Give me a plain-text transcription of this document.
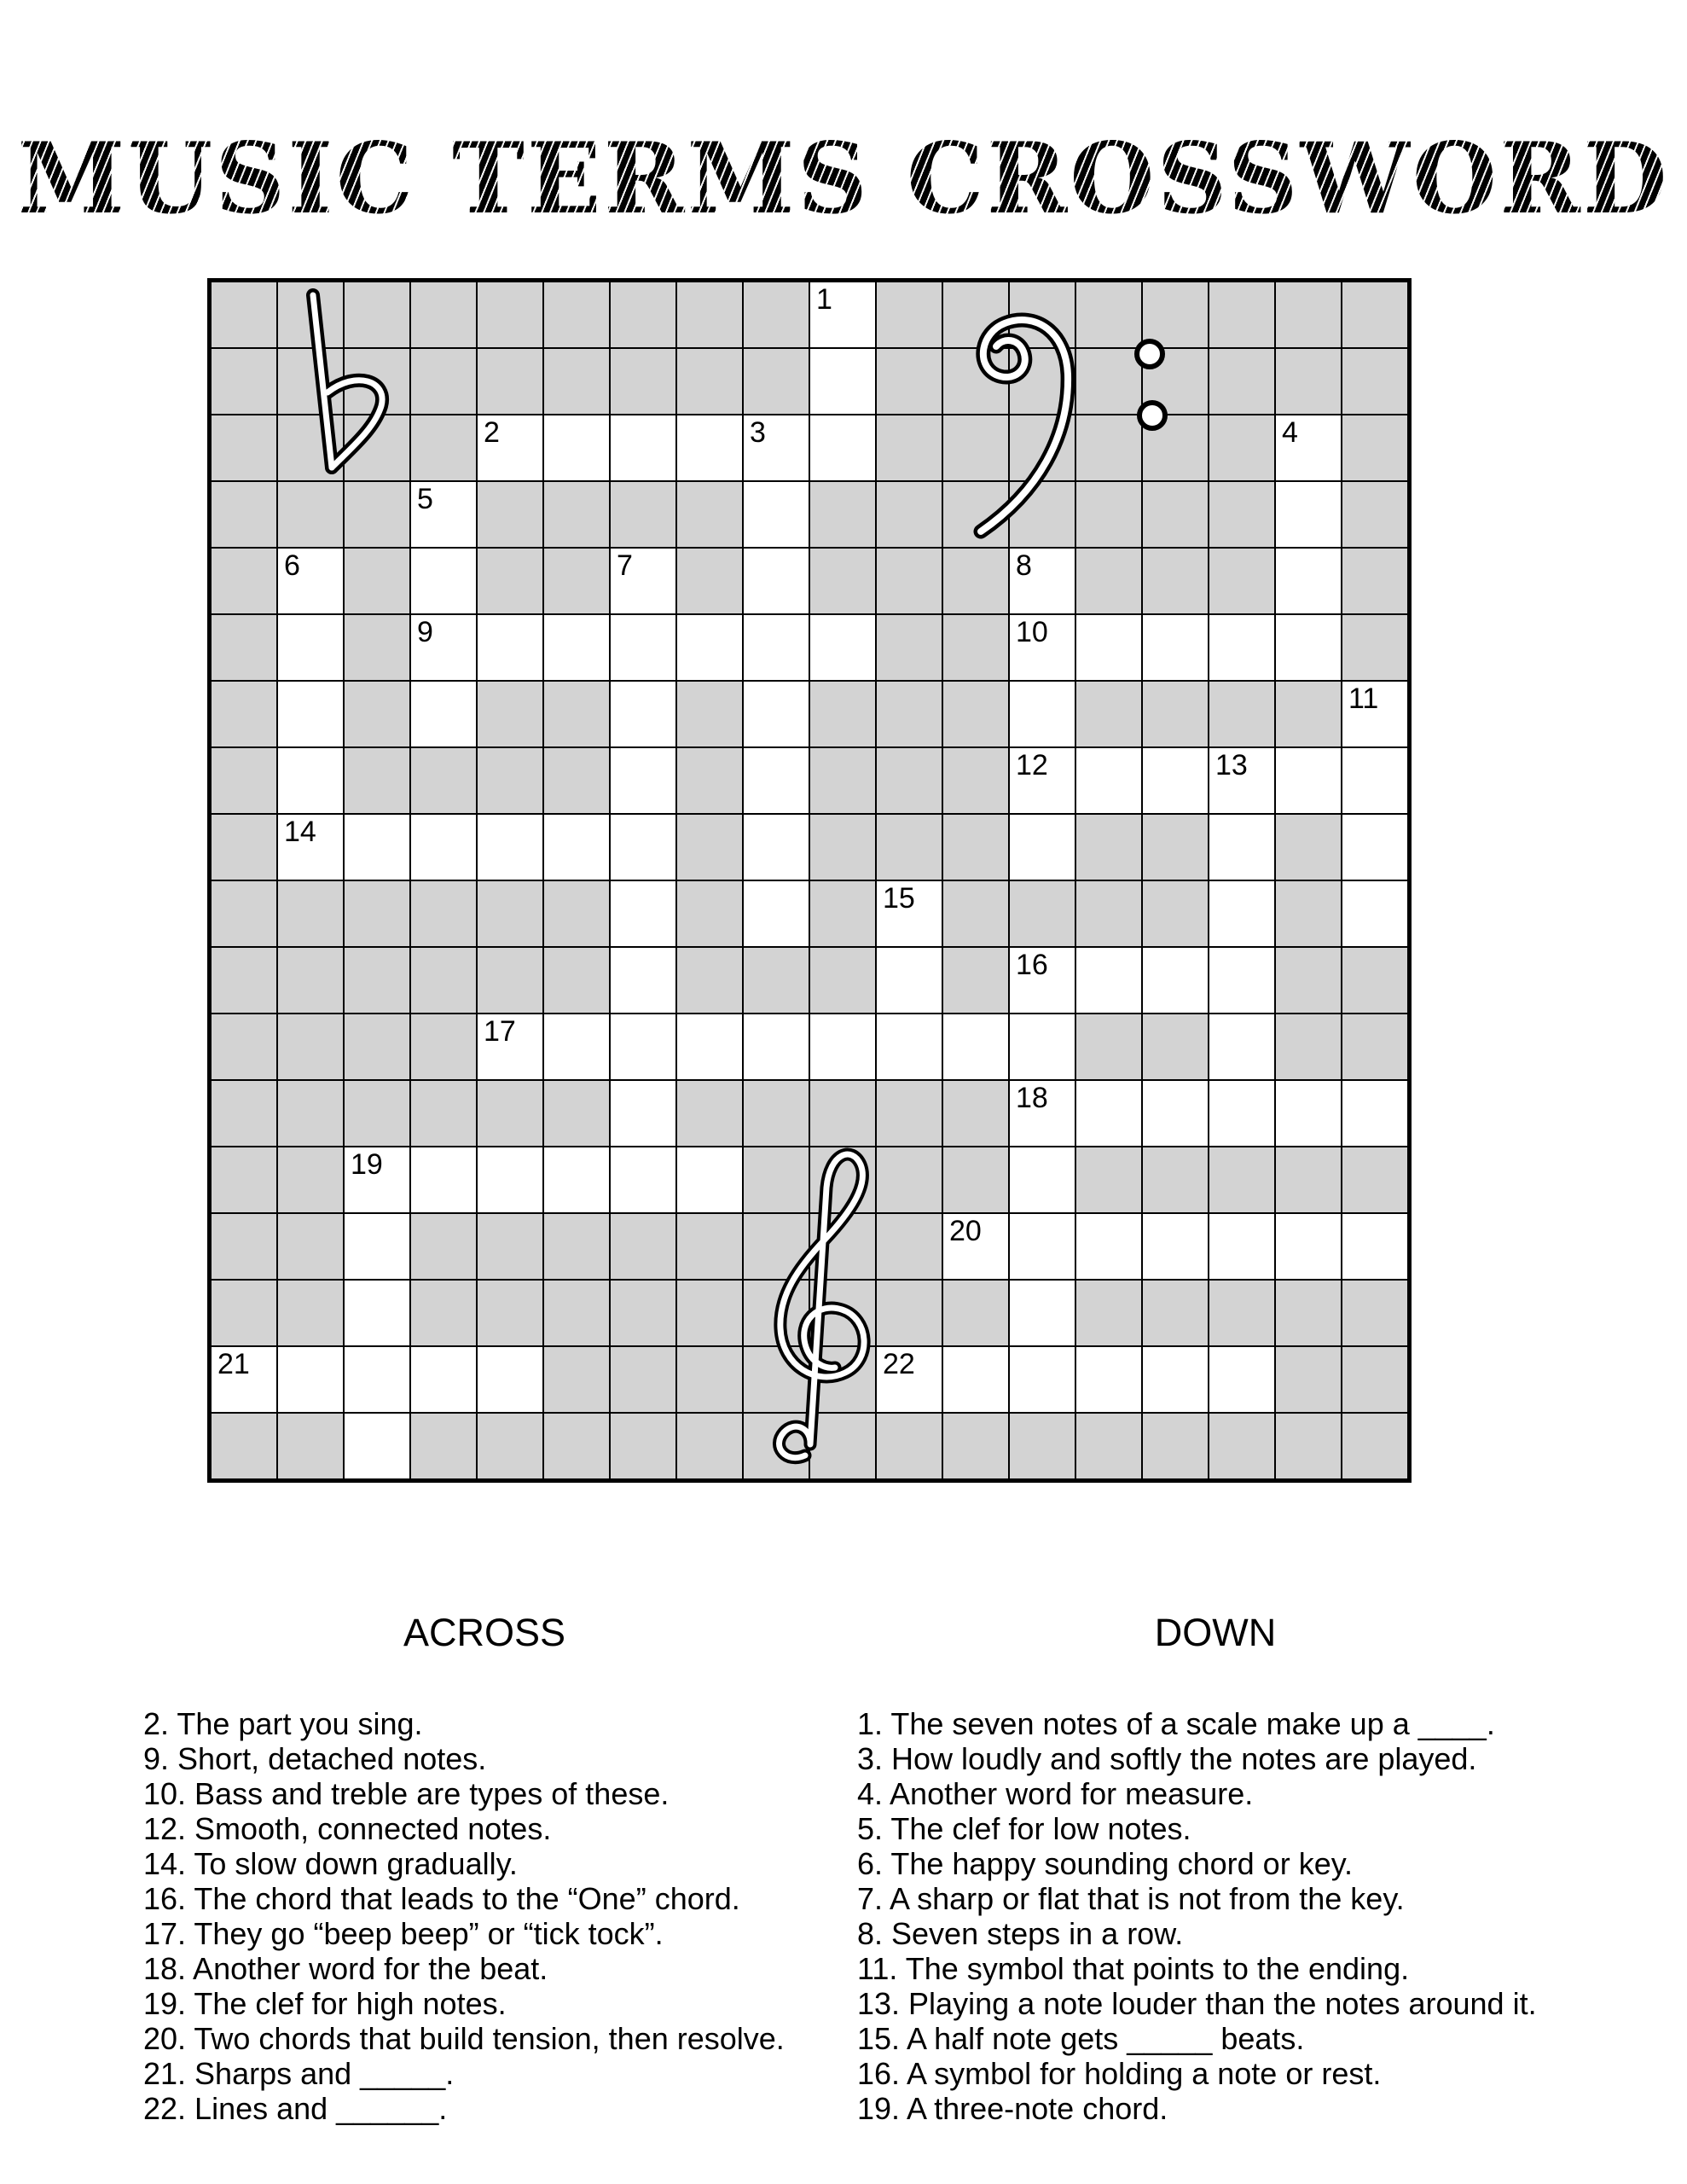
MUSIC TERMS CROSSWORD
1
2	3	4
5
6	7	8
9	10
11
12	13
14
15
16
17
18
19
20
21	22
ACROSS
2. The part you sing.
9. Short, detached notes.
10. Bass and treble are types of these.
12. Smooth, connected notes.
14. To slow down gradually.
16. The chord that leads to the “One” chord.
17. They go “beep beep” or “tick tock”.
18. Another word for the beat.
19. The clef for high notes.
20. Two chords that build tension, then resolve.
21. Sharps and _____.
22. Lines and ______.
DOWN
1. The seven notes of a scale make up a ____.
3. How loudly and softly the notes are played.
4. Another word for measure.
5. The clef for low notes.
6. The happy sounding chord or key.
7. A sharp or flat that is not from the key.
8. Seven steps in a row.
11. The symbol that points to the ending.
13. Playing a note louder than the notes around it.
15. A half note gets _____ beats.
16. A symbol for holding a note or rest.
19. A three-note chord.
